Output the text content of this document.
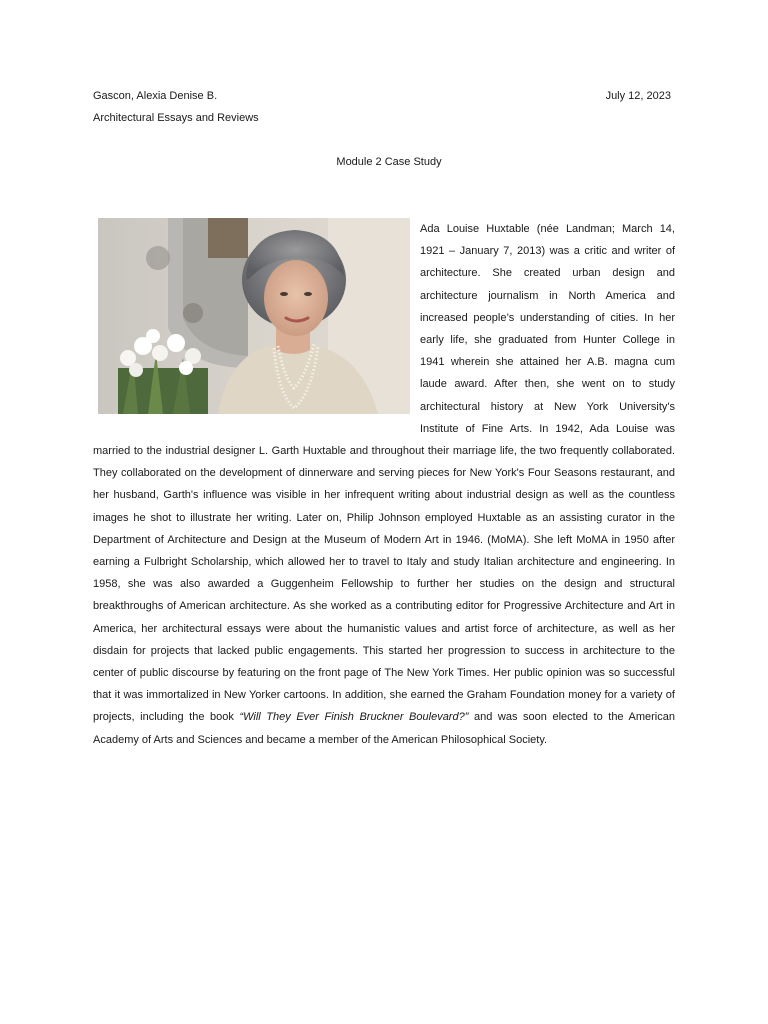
Gascon, Alexia Denise B.	July 12, 2023
Architectural Essays and Reviews
Module 2 Case Study

Ada Louise Huxtable (née Landman; March 14, 1921 – January 7, 2013) was a critic and writer of architecture. She created urban design and architecture journalism in North America and increased people’s understanding of cities. In her early life, she graduated from Hunter College in 1941 wherein she attained her A.B. magna cum laude award. After then, she went on to study architectural history at New York University's Institute of Fine Arts. In 1942, Ada Louise was married to the industrial designer L. Garth Huxtable and throughout their marriage life, the two frequently collaborated. They collaborated on the development of dinnerware and serving pieces for New York's Four Seasons restaurant, and her husband, Garth's influence was visible in her infrequent writing about industrial design as well as the countless images he shot to illustrate her writing. Later on, Philip Johnson employed Huxtable as an assisting curator in the Department of Architecture and Design at the Museum of Modern Art in 1946. (MoMA). She left MoMA in 1950 after earning a Fulbright Scholarship, which allowed her to travel to Italy and study Italian architecture and engineering. In 1958, she was also awarded a Guggenheim Fellowship to further her studies on the design and structural breakthroughs of American architecture. As she worked as a contributing editor for Progressive Architecture and Art in America, her architectural essays were about the humanistic values and artist force of architecture, as well as her disdain for projects that lacked public engagements. This started her progression to success in architecture to the center of public discourse by featuring on the front page of The New York Times. Her public opinion was so successful that it was immortalized in New Yorker cartoons. In addition, she earned the Graham Foundation money for a variety of projects, including the book “Will They Ever Finish Bruckner Boulevard?” and was soon elected to the American Academy of Arts and Sciences and became a member of the American Philosophical Society.
